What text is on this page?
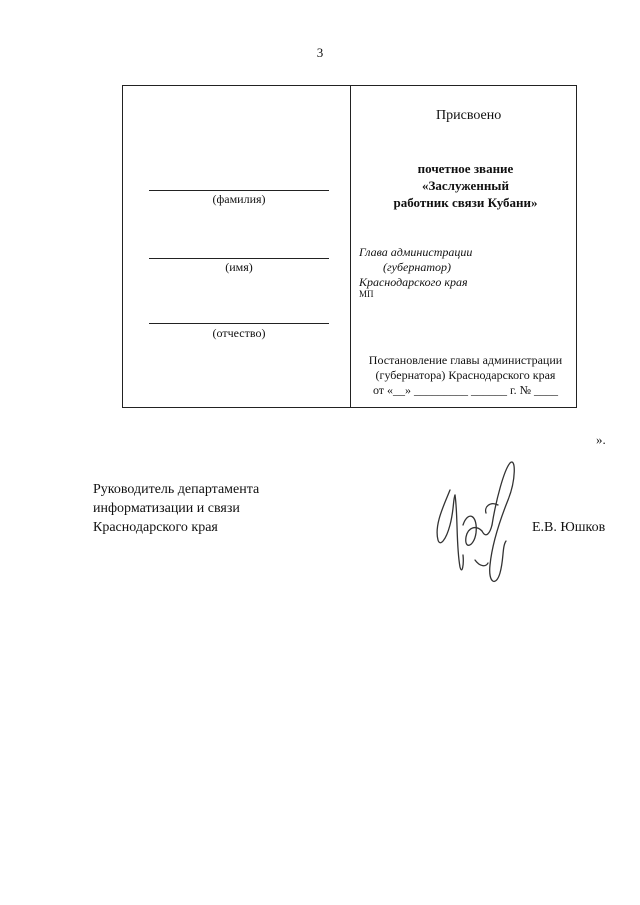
3
(фамилия)
(имя)
(отчество)
Присвоено
почетное звание
«Заслуженный
работник связи Кубани»
Глава администрации
(губернатор)
Краснодарского края
МП
Постановление главы администрации
(губернатора) Краснодарского края
от «__» _________ ______ г. № ____
».
Руководитель департамента
информатизации и связи
Краснодарского края	Е.В. Юшков
